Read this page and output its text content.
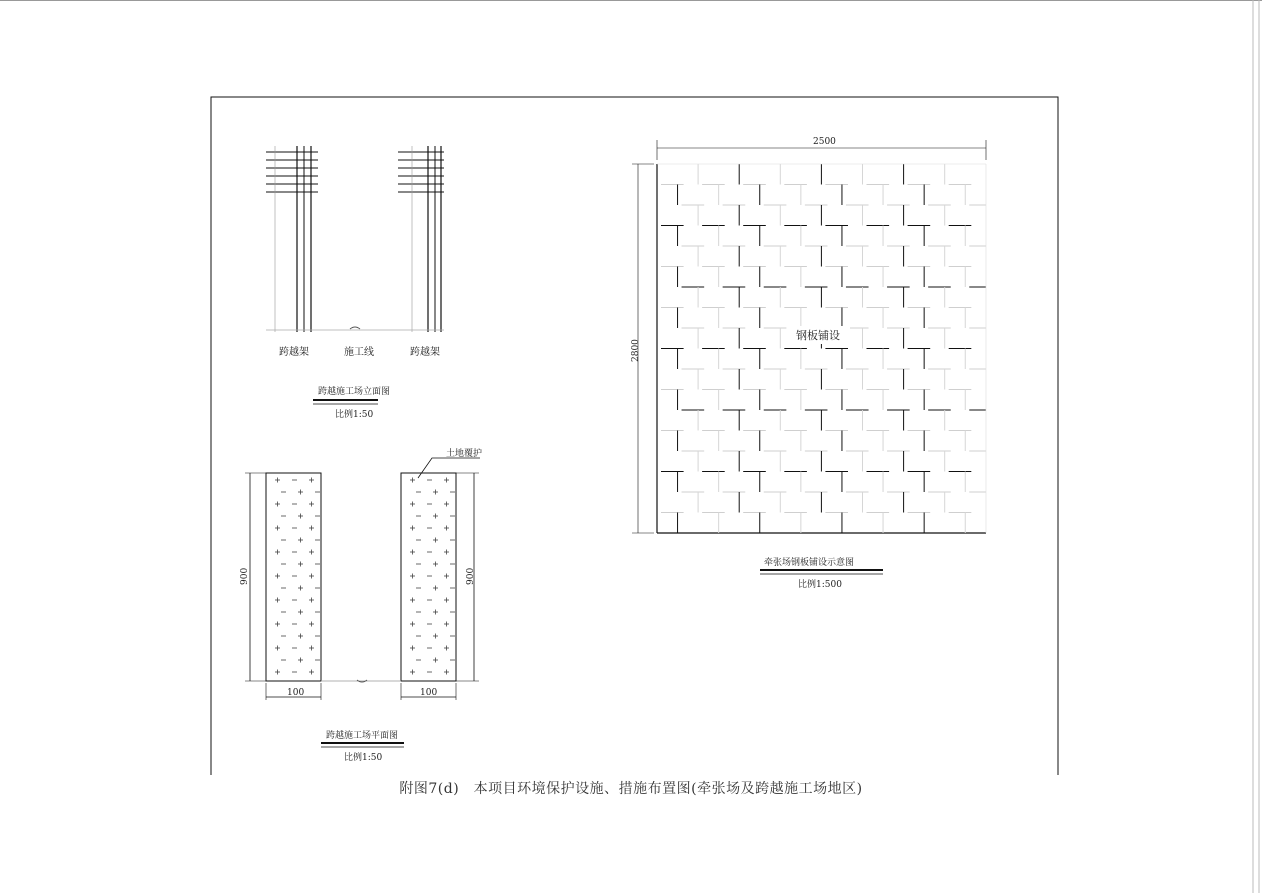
跨越架	施工线	跨越架
跨越施工场立面图
比例1:50
土地覆护
900	900
100	100
跨越施工场平面图
比例1:50
钢板铺设
2500
2800
牵张场钢板铺设示意图
比例1:500
附图7(d)　本项目环境保护设施、措施布置图(牵张场及跨越施工场地区)
